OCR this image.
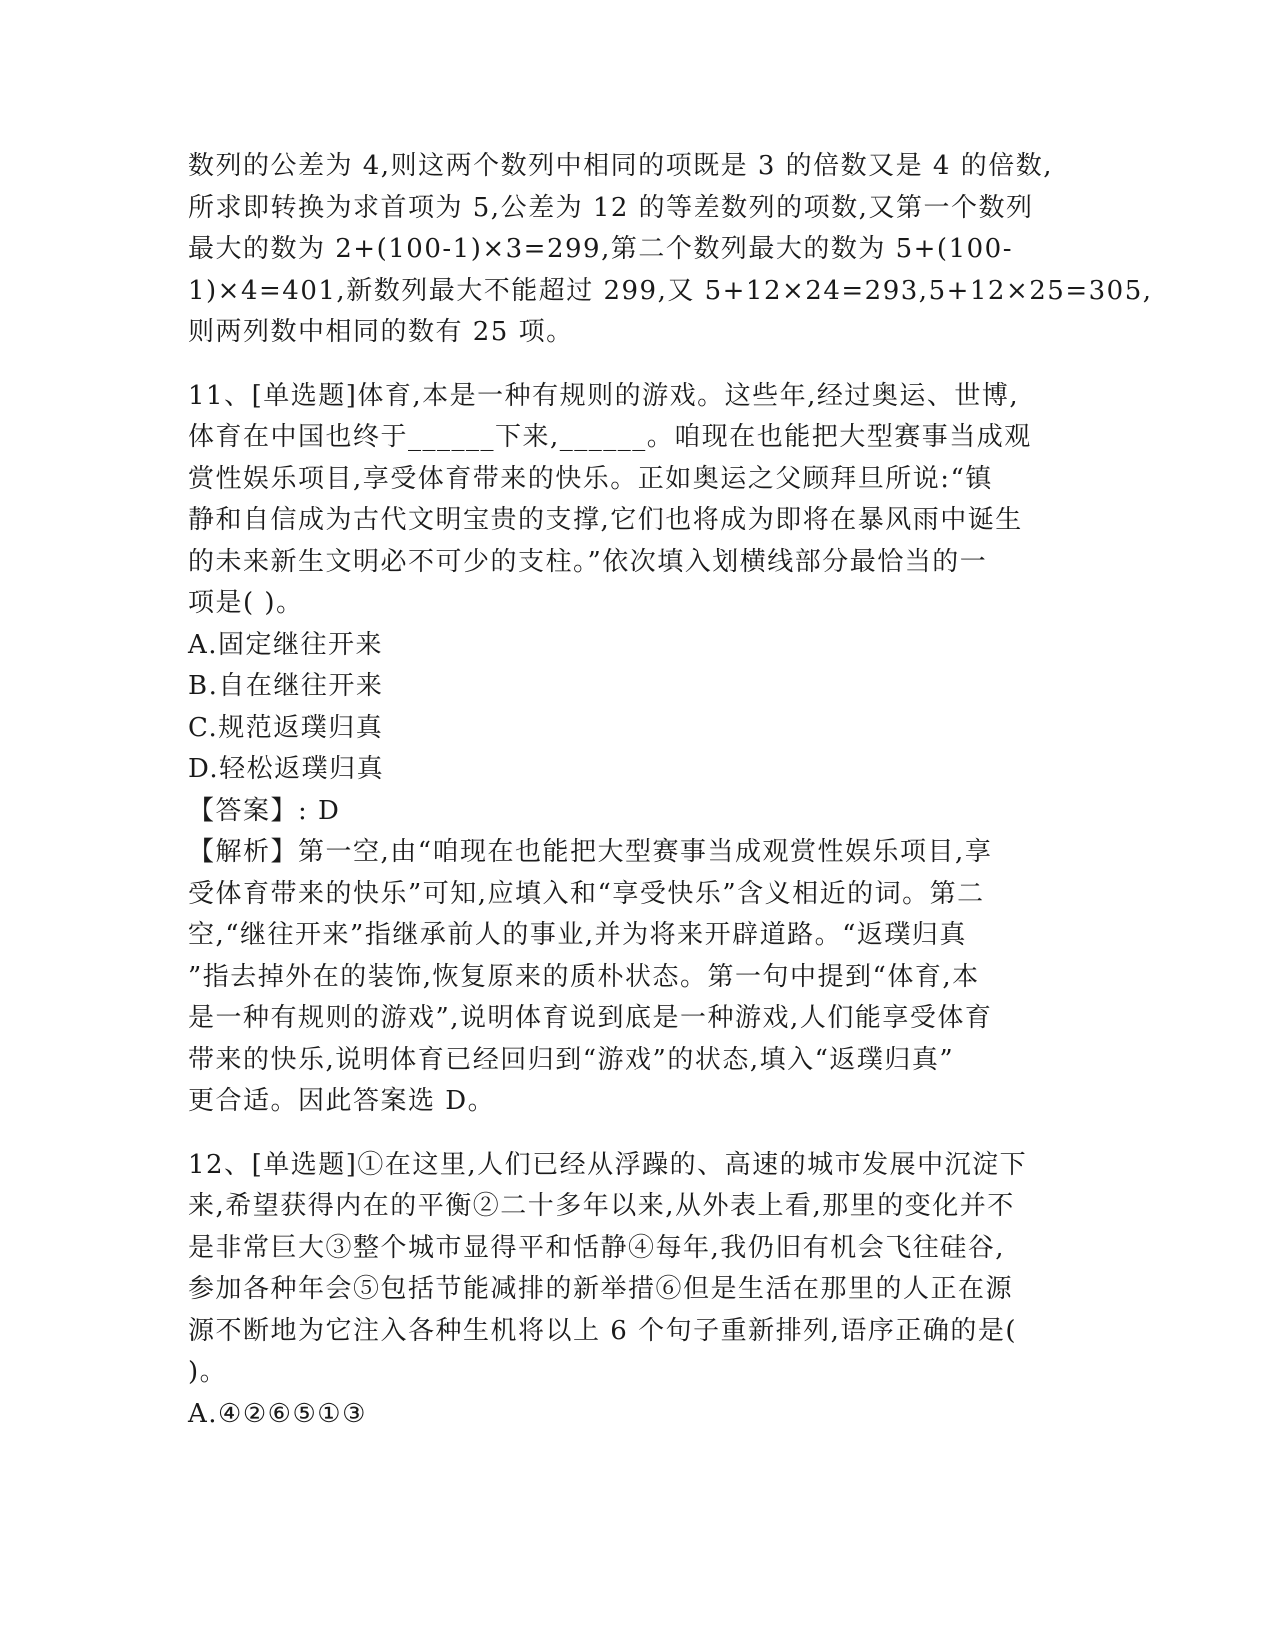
数列的公差为 4,则这两个数列中相同的项既是 3 的倍数又是 4 的倍数,
所求即转换为求首项为 5,公差为 12 的等差数列的项数,又第一个数列
最大的数为 2+(100-1)×3=299,第二个数列最大的数为 5+(100-
1)×4=401,新数列最大不能超过 299,又 5+12×24=293,5+12×25=305,
则两列数中相同的数有 25 项。
11、[单选题]体育,本是一种有规则的游戏。这些年,经过奥运、世博,
体育在中国也终于______下来,______。咱现在也能把大型赛事当成观
赏性娱乐项目,享受体育带来的快乐。正如奥运之父顾拜旦所说:“镇
静和自信成为古代文明宝贵的支撑,它们也将成为即将在暴风雨中诞生
的未来新生文明必不可少的支柱。”依次填入划横线部分最恰当的一
项是( )。
A.固定继往开来
B.自在继往开来
C.规范返璞归真
D.轻松返璞归真
【答案】: D
【解析】第一空,由“咱现在也能把大型赛事当成观赏性娱乐项目,享
受体育带来的快乐”可知,应填入和“享受快乐”含义相近的词。第二
空,“继往开来”指继承前人的事业,并为将来开辟道路。“返璞归真
”指去掉外在的装饰,恢复原来的质朴状态。第一句中提到“体育,本
是一种有规则的游戏”,说明体育说到底是一种游戏,人们能享受体育
带来的快乐,说明体育已经回归到“游戏”的状态,填入“返璞归真”
更合适。因此答案选 D。
12、[单选题]①在这里,人们已经从浮躁的、高速的城市发展中沉淀下
来,希望获得内在的平衡②二十多年以来,从外表上看,那里的变化并不
是非常巨大③整个城市显得平和恬静④每年,我仍旧有机会飞往硅谷,
参加各种年会⑤包括节能减排的新举措⑥但是生活在那里的人正在源
源不断地为它注入各种生机将以上 6 个句子重新排列,语序正确的是(
)。
A.④②⑥⑤①③
